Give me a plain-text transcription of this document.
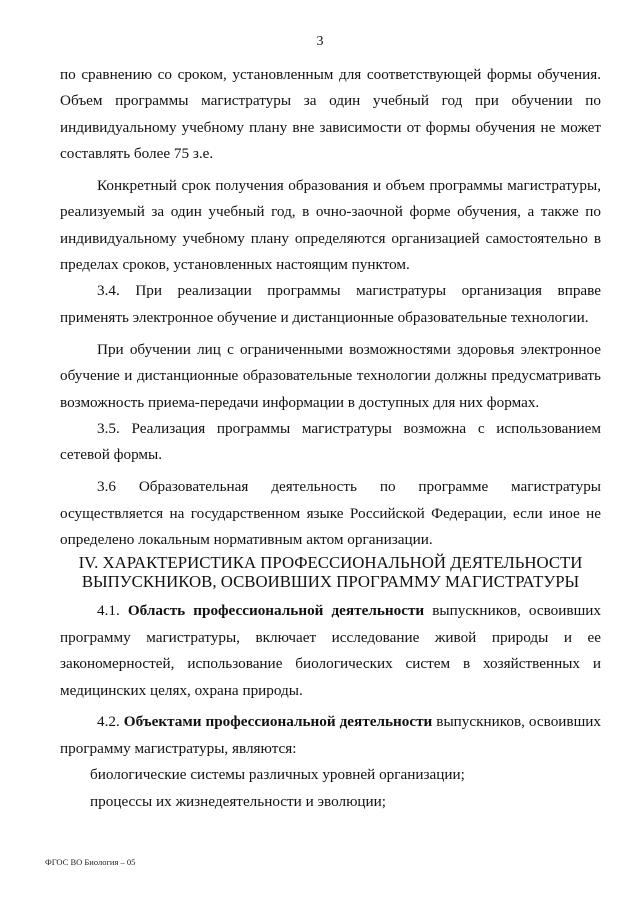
3

по сравнению со сроком, установленным для соответствующей формы обучения. Объем программы магистратуры за один учебный год при обучении по индивидуальному учебному плану вне зависимости от формы обучения не может составлять более 75 з.е.

Конкретный срок получения образования и объем программы магистратуры, реализуемый за один учебный год, в очно-заочной форме обучения, а также по индивидуальному учебному плану определяются организацией самостоятельно в пределах сроков, установленных настоящим пунктом.

3.4. При реализации программы магистратуры организация вправе применять электронное обучение и дистанционные образовательные технологии.

При обучении лиц с ограниченными возможностями здоровья электронное обучение и дистанционные образовательные технологии должны предусматривать возможность приема-передачи информации в доступных для них формах.

3.5. Реализация программы магистратуры возможна с использованием сетевой формы.

3.6 Образовательная деятельность по программе магистратуры осуществляется на государственном языке Российской Федерации, если иное не определено локальным нормативным актом организации.

IV. ХАРАКТЕРИСТИКА ПРОФЕССИОНАЛЬНОЙ ДЕЯТЕЛЬНОСТИ
ВЫПУСКНИКОВ, ОСВОИВШИХ ПРОГРАММУ МАГИСТРАТУРЫ

4.1. Область профессиональной деятельности выпускников, освоивших программу магистратуры, включает исследование живой природы и ее закономерностей, использование биологических систем в хозяйственных и медицинских целях, охрана природы.

4.2. Объектами профессиональной деятельности выпускников, освоивших программу магистратуры, являются:

биологические системы различных уровней организации;

процессы их жизнедеятельности и эволюции;

ФГОС ВО Биология – 05
